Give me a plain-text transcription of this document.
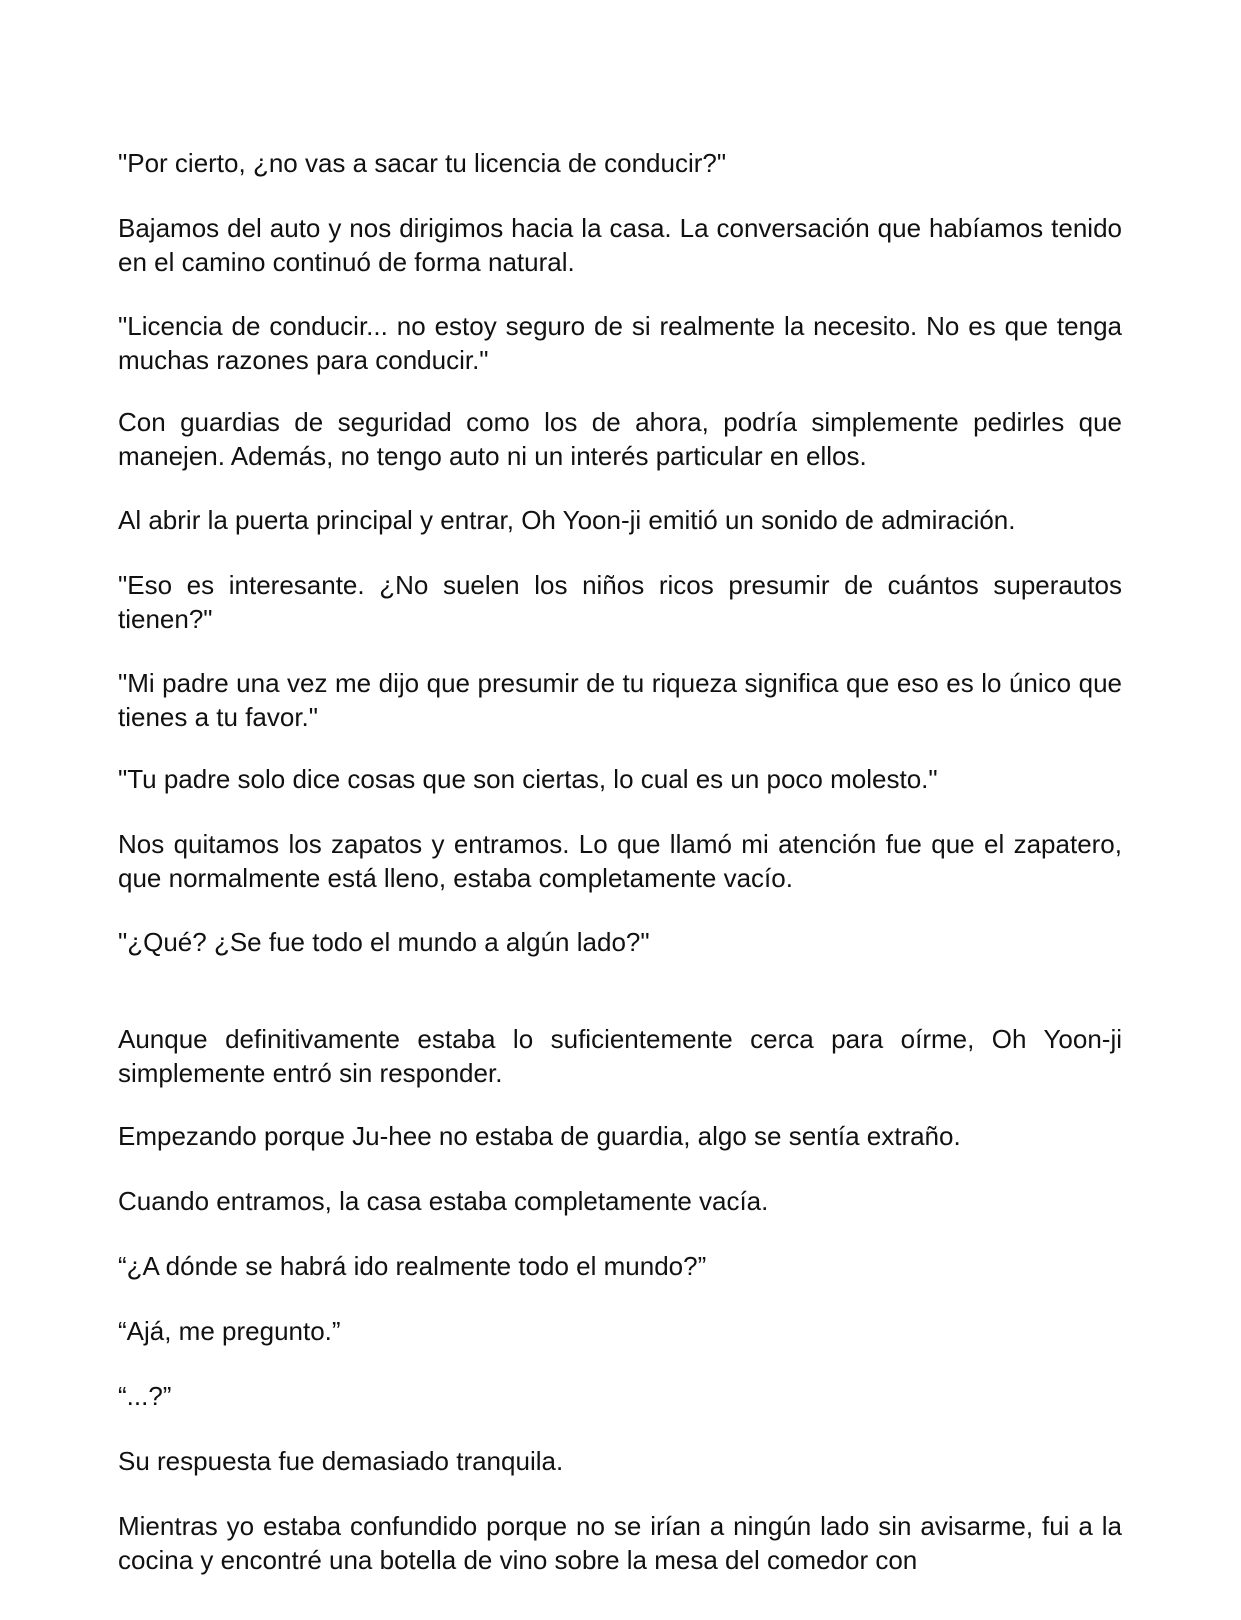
"Por cierto, ¿no vas a sacar tu licencia de conducir?"

Bajamos del auto y nos dirigimos hacia la casa. La conversación que habíamos tenido en el camino continuó de forma natural.

"Licencia de conducir... no estoy seguro de si realmente la necesito. No es que tenga muchas razones para conducir."

Con guardias de seguridad como los de ahora, podría simplemente pedirles que manejen. Además, no tengo auto ni un interés particular en ellos.

Al abrir la puerta principal y entrar, Oh Yoon-ji emitió un sonido de admiración.

"Eso es interesante. ¿No suelen los niños ricos presumir de cuántos superautos tienen?"

"Mi padre una vez me dijo que presumir de tu riqueza significa que eso es lo único que tienes a tu favor."

"Tu padre solo dice cosas que son ciertas, lo cual es un poco molesto."

Nos quitamos los zapatos y entramos. Lo que llamó mi atención fue que el zapatero, que normalmente está lleno, estaba completamente vacío.

"¿Qué? ¿Se fue todo el mundo a algún lado?"

Aunque definitivamente estaba lo suficientemente cerca para oírme, Oh Yoon-ji simplemente entró sin responder.

Empezando porque Ju-hee no estaba de guardia, algo se sentía extraño.

Cuando entramos, la casa estaba completamente vacía.

“¿A dónde se habrá ido realmente todo el mundo?”

“Ajá, me pregunto.”

“...?”

Su respuesta fue demasiado tranquila.

Mientras yo estaba confundido porque no se irían a ningún lado sin avisarme, fui a la cocina y encontré una botella de vino sobre la mesa del comedor con
